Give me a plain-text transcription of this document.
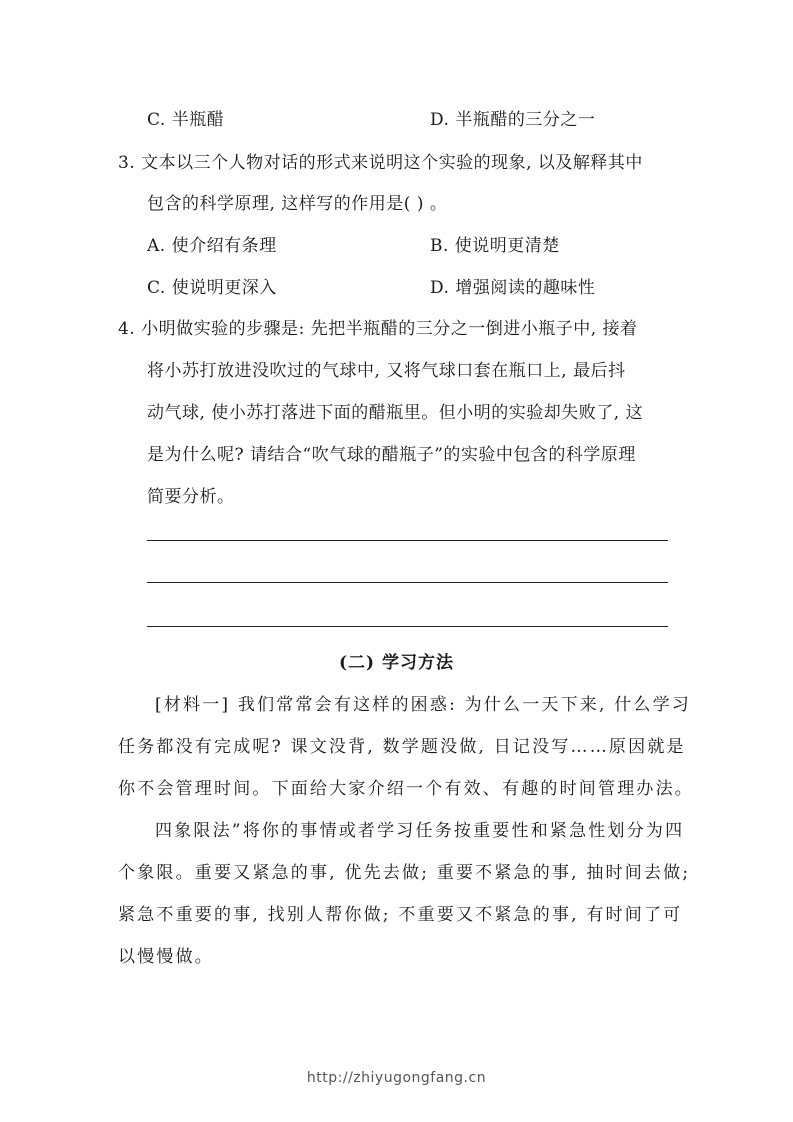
C. 半瓶醋	D. 半瓶醋的三分之一
3. 文本以三个人物对话的形式来说明这个实验的现象, 以及解释其中
包含的科学原理, 这样写的作用是( ) 。
A. 使介绍有条理	B. 使说明更清楚
C. 使说明更深入	D. 增强阅读的趣味性
4. 小明做实验的步骤是: 先把半瓶醋的三分之一倒进小瓶子中, 接着
将小苏打放进没吹过的气球中, 又将气球口套在瓶口上, 最后抖
动气球, 使小苏打落进下面的醋瓶里。但小明的实验却失败了, 这
是为什么呢? 请结合“吹气球的醋瓶子”的实验中包含的科学原理
简要分析。
(二) 学习方法
[材料一] 我们常常会有这样的困惑: 为什么一天下来, 什么学习
任务都没有完成呢? 课文没背, 数学题没做, 日记没写……原因就是
你不会管理时间。下面给大家介绍一个有效、有趣的时间管理办法。
四象限法”将你的事情或者学习任务按重要性和紧急性划分为四
个象限。重要又紧急的事, 优先去做; 重要不紧急的事, 抽时间去做;
紧急不重要的事, 找别人帮你做; 不重要又不紧急的事, 有时间了可
以慢慢做。
http://zhiyugongfang.cn
